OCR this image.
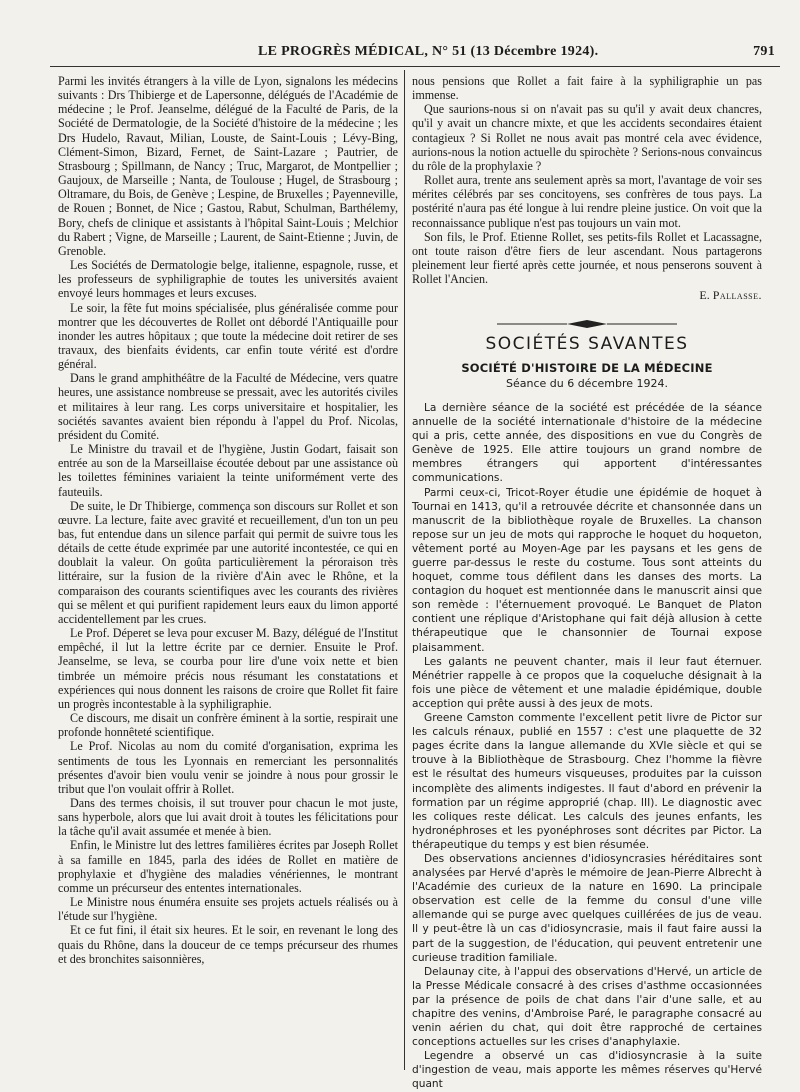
LE PROGRÈS MÉDICAL, N° 51 (13 Décembre 1924).	791

Parmi les invités étrangers à la ville de Lyon, signalons les médecins suivants : Drs Thibierge et de Lapersonne, délégués de l'Académie de médecine ; le Prof. Jeanselme, délégué de la Faculté de Paris, de la Société de Dermatologie, de la Société d'histoire de la médecine ; les Drs Hudelo, Ravaut, Milian, Louste, de Saint-Louis ; Lévy-Bing, Clément-Simon, Bizard, Fernet, de Saint-Lazare ; Pautrier, de Strasbourg ; Spillmann, de Nancy ; Truc, Margarot, de Montpellier ; Gaujoux, de Marseille ; Nanta, de Toulouse ; Hugel, de Strasbourg ; Oltramare, du Bois, de Genève ; Lespine, de Bruxelles ; Payenneville, de Rouen ; Bonnet, de Nice ; Gastou, Rabut, Schulman, Barthélemy, Bory, chefs de clinique et assistants à l'hôpital Saint-Louis ; Melchior du Rabert ; Vigne, de Marseille ; Laurent, de Saint-Etienne ; Juvin, de Grenoble.

Les Sociétés de Dermatologie belge, italienne, espagnole, russe, et les professeurs de syphiligraphie de toutes les universités avaient envoyé leurs hommages et leurs excuses.

Le soir, la fête fut moins spécialisée, plus généralisée comme pour montrer que les découvertes de Rollet ont débordé l'Antiquaille pour inonder les autres hôpitaux ; que toute la médecine doit retirer de ses travaux, des bienfaits évidents, car enfin toute vérité est d'ordre général.

Dans le grand amphithéâtre de la Faculté de Médecine, vers quatre heures, une assistance nombreuse se pressait, avec les autorités civiles et militaires à leur rang. Les corps universitaire et hospitalier, les sociétés savantes avaient bien répondu à l'appel du Prof. Nicolas, président du Comité.

Le Ministre du travail et de l'hygiène, Justin Godart, faisait son entrée au son de la Marseillaise écoutée debout par une assistance où les toilettes féminines variaient la teinte uniformément verte des fauteuils.

De suite, le Dr Thibierge, commença son discours sur Rollet et son œuvre. La lecture, faite avec gravité et recueillement, d'un ton un peu bas, fut entendue dans un silence parfait qui permit de suivre tous les détails de cette étude exprimée par une autorité incontestée, ce qui en doublait la valeur. On goûta particulièrement la péroraison très littéraire, sur la fusion de la rivière d'Ain avec le Rhône, et la comparaison des courants scientifiques avec les courants des rivières qui se mêlent et qui purifient rapidement leurs eaux du limon apporté accidentellement par les crues.

Le Prof. Déperet se leva pour excuser M. Bazy, délégué de l'Institut empêché, il lut la lettre écrite par ce dernier. Ensuite le Prof. Jeanselme, se leva, se courba pour lire d'une voix nette et bien timbrée un mémoire précis nous résumant les constatations et expériences qui nous donnent les raisons de croire que Rollet fit faire un progrès incontestable à la syphiligraphie.

Ce discours, me disait un confrère éminent à la sortie, respirait une profonde honnêteté scientifique.

Le Prof. Nicolas au nom du comité d'organisation, exprima les sentiments de tous les Lyonnais en remerciant les personnalités présentes d'avoir bien voulu venir se joindre à nous pour grossir le tribut que l'on voulait offrir à Rollet.

Dans des termes choisis, il sut trouver pour chacun le mot juste, sans hyperbole, alors que lui avait droit à toutes les félicitations pour la tâche qu'il avait assumée et menée à bien.

Enfin, le Ministre lut des lettres familières écrites par Joseph Rollet à sa famille en 1845, parla des idées de Rollet en matière de prophylaxie et d'hygiène des maladies vénériennes, le montrant comme un précurseur des ententes internationales.

Le Ministre nous énuméra ensuite ses projets actuels réalisés ou à l'étude sur l'hygiène.

Et ce fut fini, il était six heures. Et le soir, en revenant le long des quais du Rhône, dans la douceur de ce temps précurseur des rhumes et des bronchites saisonnières,

nous pensions que Rollet a fait faire à la syphiligraphie un pas immense.

Que saurions-nous si on n'avait pas su qu'il y avait deux chancres, qu'il y avait un chancre mixte, et que les accidents secondaires étaient contagieux ? Si Rollet ne nous avait pas montré cela avec évidence, aurions-nous la notion actuelle du spirochète ? Serions-nous convaincus du rôle de la prophylaxie ?

Rollet aura, trente ans seulement après sa mort, l'avantage de voir ses mérites célébrés par ses concitoyens, ses confrères de tous pays. La postérité n'aura pas été longue à lui rendre pleine justice. On voit que la reconnaissance publique n'est pas toujours un vain mot.

Son fils, le Prof. Etienne Rollet, ses petits-fils Rollet et Lacassagne, ont toute raison d'être fiers de leur ascendant. Nous partagerons pleinement leur fierté après cette journée, et nous penserons souvent à Rollet l'Ancien.

E. Pallasse.
SOCIÉTÉS SAVANTES
SOCIÉTÉ D'HISTOIRE DE LA MÉDECINE
Séance du 6 décembre 1924.

La dernière séance de la société est précédée de la séance annuelle de la société internationale d'histoire de la médecine qui a pris, cette année, des dispositions en vue du Congrès de Genève de 1925. Elle attire toujours un grand nombre de membres étrangers qui apportent d'intéressantes communications.

Parmi ceux-ci, Tricot-Royer étudie une épidémie de hoquet à Tournai en 1413, qu'il a retrouvée décrite et chansonnée dans un manuscrit de la bibliothèque royale de Bruxelles. La chanson repose sur un jeu de mots qui rapproche le hoquet du hoqueton, vêtement porté au Moyen-Age par les paysans et les gens de guerre par-dessus le reste du costume. Tous sont atteints du hoquet, comme tous défilent dans les danses des morts. La contagion du hoquet est mentionnée dans le manuscrit ainsi que son remède : l'éternuement provoqué. Le Banquet de Platon contient une réplique d'Aristophane qui fait déjà allusion à cette thérapeutique que le chansonnier de Tournai expose plaisamment.

Les galants ne peuvent chanter, mais il leur faut éternuer. Ménétrier rappelle à ce propos que la coqueluche désignait à la fois une pièce de vêtement et une maladie épidémique, double acception qui prête aussi à des jeux de mots.

Greene Camston commente l'excellent petit livre de Pictor sur les calculs rénaux, publié en 1557 : c'est une plaquette de 32 pages écrite dans la langue allemande du XVIe siècle et qui se trouve à la Bibliothèque de Strasbourg. Chez l'homme la fièvre est le résultat des humeurs visqueuses, produites par la cuisson incomplète des aliments indigestes. Il faut d'abord en prévenir la formation par un régime approprié (chap. III). Le diagnostic avec les coliques reste délicat. Les calculs des jeunes enfants, les hydronéphroses et les pyonéphroses sont décrites par Pictor. La thérapeutique du temps y est bien résumée.

Des observations anciennes d'idiosyncrasies héréditaires sont analysées par Hervé d'après le mémoire de Jean-Pierre Albrecht à l'Académie des curieux de la nature en 1690. La principale observation est celle de la femme du consul d'une ville allemande qui se purge avec quelques cuillérées de jus de veau. Il y peut-être là un cas d'idiosyncrasie, mais il faut faire aussi la part de la suggestion, de l'éducation, qui peuvent entretenir une curieuse tradition familiale.

Delaunay cite, à l'appui des observations d'Hervé, un article de la Presse Médicale consacré à des crises d'asthme occasionnées par la présence de poils de chat dans l'air d'une salle, et au chapitre des venins, d'Ambroise Paré, le paragraphe consacré au venin aérien du chat, qui doit être rapproché de certaines conceptions actuelles sur les crises d'anaphylaxie.

Legendre a observé un cas d'idiosyncrasie à la suite d'ingestion de veau, mais apporte les mêmes réserves qu'Hervé quant
